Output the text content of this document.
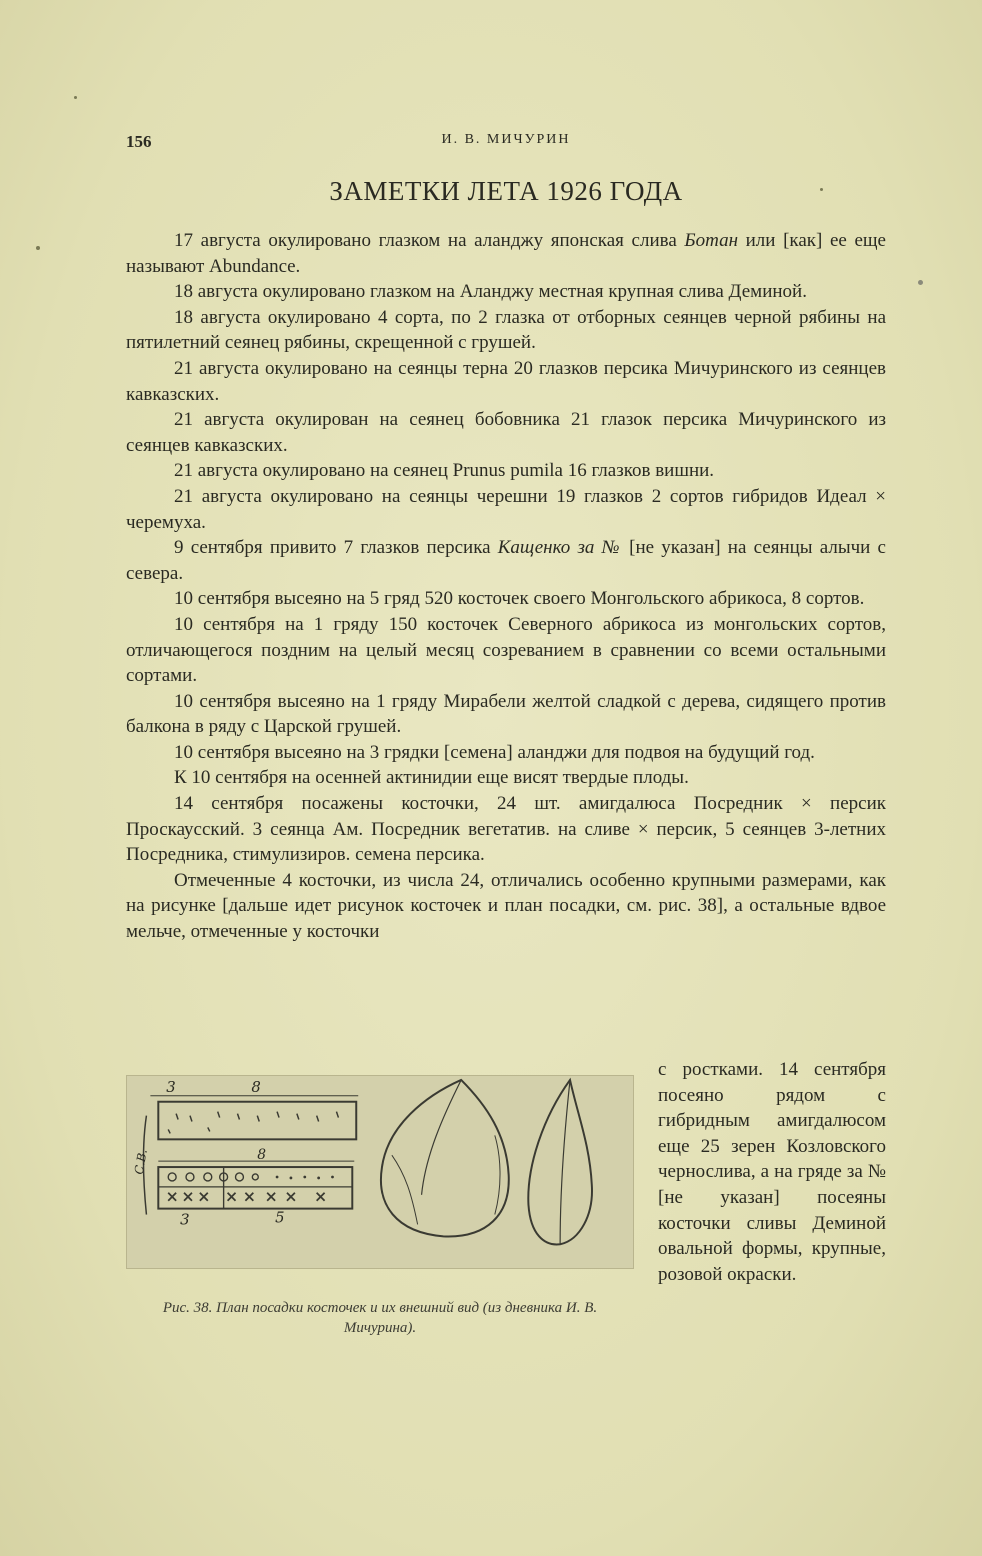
156	И. В. МИЧУРИН
ЗАМЕТКИ ЛЕТА 1926 ГОДА

17 августа окулировано глазком на аланджу японская слива Ботан или [как] ее еще называют Abundance.

18 августа окулировано глазком на Аланджу местная крупная слива Деминой.

18 августа окулировано 4 сорта, по 2 глазка от отборных сеянцев черной рябины на пятилетний сеянец рябины, скрещенной с грушей.

21 августа окулировано на сеянцы терна 20 глазков персика Мичуринского из сеянцев кавказских.

21 августа окулирован на сеянец бобовника 21 глазок персика Мичуринского из сеянцев кавказских.

21 августа окулировано на сеянец Prunus pumila 16 глазков вишни.

21 августа окулировано на сеянцы черешни 19 глазков 2 сортов гибридов Идеал × черемуха.

9 сентября привито 7 глазков персика Кащенко за № [не указан] на сеянцы алычи с севера.

10 сентября высеяно на 5 гряд 520 косточек своего Монгольского абрикоса, 8 сортов.

10 сентября на 1 гряду 150 косточек Северного абрикоса из монгольских сортов, отличающегося поздним на целый месяц созреванием в сравнении со всеми остальными сортами.

10 сентября высеяно на 1 гряду Мирабели желтой сладкой с дерева, сидящего против балкона в ряду с Царской грушей.

10 сентября высеяно на 3 грядки [семена] аланджи для подвоя на будущий год.

К 10 сентября на осенней актинидии еще висят твердые плоды.

14 сентября посажены косточки, 24 шт. амигдалюса Посредник × персик Проскаусский. 3 сеянца Ам. Посредник вегетатив. на сливе × персик, 5 сеянцев 3-летних Посредника, стимулизиров. семена персика.

Отмеченные 4 косточки, из числа 24, отличались особенно крупными размерами, как на рисунке [дальше идет рисунок косточек и план посадки, см. рис. 38], а остальные вдвое мельче, отмеченные у косточки

с ростками. 14 сентября посеяно рядом с гибридным амигдалюсом еще 25 зерен Козловского чернослива, а на гряде за № [не указан] посеяны косточки сливы Деминой овальной формы, крупные, розовой окраски.

3	8
8
3	5
С.В.
Рис. 38. План посадки косточек и их внешний вид (из дневника И. В. Мичурина).
